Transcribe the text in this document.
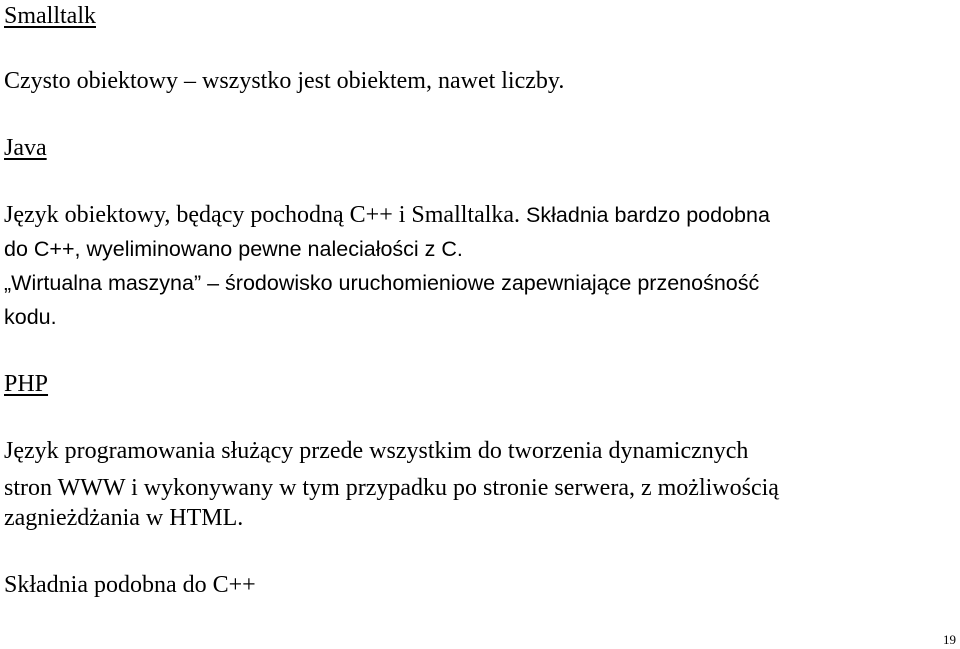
Smalltalk
Czysto obiektowy – wszystko jest obiektem, nawet liczby.
Java
Język obiektowy, będący pochodną C++ i Smalltalka. Składnia bardzo podobna
do C++, wyeliminowano pewne naleciałości z C.
„Wirtualna maszyna” – środowisko uruchomieniowe zapewniające przenośność
kodu.
PHP
Język programowania służący przede wszystkim do tworzenia dynamicznych
stron WWW i wykonywany w tym przypadku po stronie serwera, z możliwością
zagnieżdżania w HTML.
Składnia podobna do C++
19
